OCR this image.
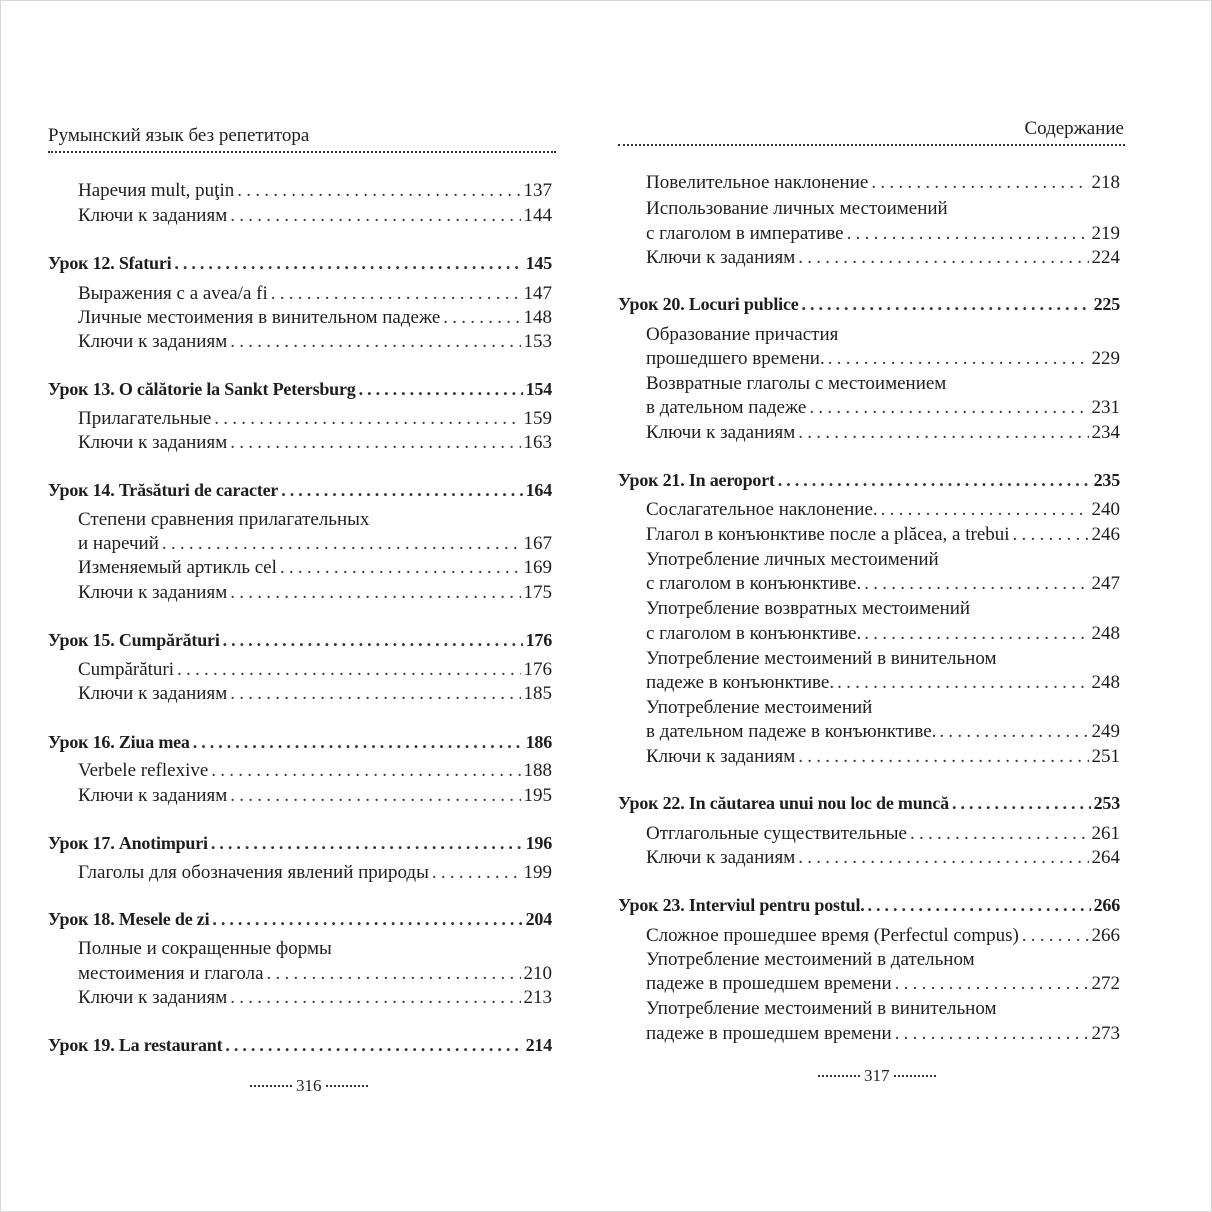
Румынский язык без репетитора	Содержание
Наречия mult, puţin . . .	137
Ключи к заданиям . . .	144
Урок 12. Sfaturi . . .	145
Выражения с a avea/a fi . . .	147
Личные местоимения в винительном падеже . . .	148
Ключи к заданиям . . .	153
Урок 13. O călătorie la Sankt Petersburg . . .	154
Прилагательные . . .	159
Ключи к заданиям . . .	163
Урок 14. Trăsături de caracter . . .	164
Степени сравнения прилагательных
и наречий . . .	167
Изменяемый артикль cel . . .	169
Ключи к заданиям . . .	175
Урок 15. Cumpărături . . .	176
Cumpărături . . .	176
Ключи к заданиям . . .	185
Урок 16. Ziua mea . . .	186
Verbele reflexive . . .	188
Ключи к заданиям . . .	195
Урок 17. Anotimpuri . . .	196
Глаголы для обозначения явлений природы . . .	199
Урок 18. Mesele de zi . . .	204
Полные и сокращенные формы
местоимения и глагола . . .	210
Ключи к заданиям . . .	213
Урок 19. La restaurant . . .	214
Повелительное наклонение . . .	218
Использование личных местоимений
с глаголом в императиве . . .	219
Ключи к заданиям . . .	224
Урок 20. Locuri publice . . .	225
Образование причастия
прошедшего времени. . . .	229
Возвратные глаголы с местоимением
в дательном падеже . . .	231
Ключи к заданиям . . .	234
Урок 21. In aeroport . . .	235
Сослагательное наклонение. . . .	240
Глагол в конъюнктиве после a plăcea, a trebui . . .	246
Употребление личных местоимений
с глаголом в конъюнктиве. . . .	247
Употребление возвратных местоимений
с глаголом в конъюнктиве. . . .	248
Употребление местоимений в винительном
падеже в конъюнктиве. . . .	248
Употребление местоимений
в дательном падеже в конъюнктиве. . . .	249
Ключи к заданиям . . .	251
Урок 22. In căutarea unui nou loc de muncă . . .	253
Отглагольные существительные . . .	261
Ключи к заданиям . . .	264
Урок 23. Interviul pentru postul. . . .	266
Сложное прошедшее время (Perfectul compus) . . .	266
Употребление местоимений в дательном
падеже в прошедшем времени . . .	272
Употребление местоимений в винительном
падеже в прошедшем времени . . .	273
316
317
